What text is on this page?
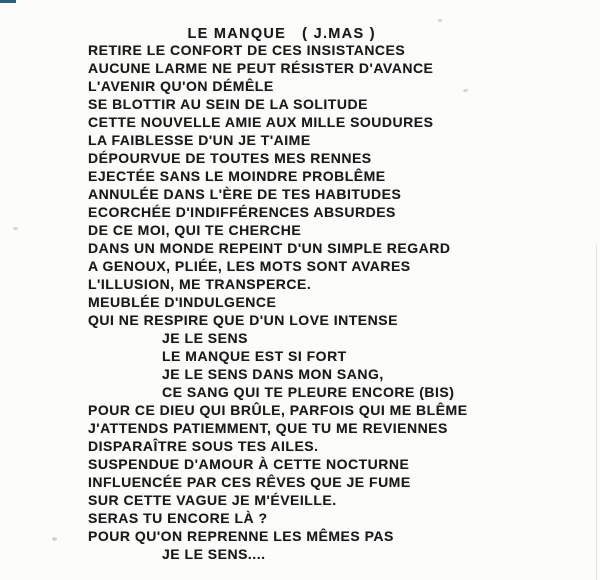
LE MANQUE   ( J.MAS )

RETIRE LE CONFORT DE CES INSISTANCES
AUCUNE LARME NE PEUT RÉSISTER D'AVANCE
L'AVENIR QU'ON DÉMÊLE
SE BLOTTIR AU SEIN DE LA SOLITUDE
CETTE NOUVELLE AMIE AUX MILLE SOUDURES
LA FAIBLESSE D'UN JE T'AIME
DÉPOURVUE DE TOUTES MES RENNES
EJECTÉE SANS LE MOINDRE PROBLÊME
ANNULÉE DANS L'ÈRE DE TES HABITUDES
ECORCHÉE D'INDIFFÉRENCES ABSURDES
DE CE MOI, QUI TE CHERCHE
DANS UN MONDE REPEINT D'UN SIMPLE REGARD
A GENOUX, PLIÉE, LES MOTS SONT AVARES
L'ILLUSION, ME TRANSPERCE.
MEUBLÉE D'INDULGENCE
QUI NE RESPIRE QUE D'UN LOVE INTENSE
JE LE SENS
LE MANQUE EST SI FORT
JE LE SENS DANS MON SANG,
CE SANG QUI TE PLEURE ENCORE (BIS)
POUR CE DIEU QUI BRÛLE, PARFOIS QUI ME BLÊME
J'ATTENDS PATIEMMENT, QUE TU ME REVIENNES
DISPARAÎTRE SOUS TES AILES.
SUSPENDUE D'AMOUR À CETTE NOCTURNE
INFLUENCÉE PAR CES RÊVES QUE JE FUME
SUR CETTE VAGUE JE M'ÉVEILLE.
SERAS TU ENCORE LÀ ?
POUR QU'ON REPRENNE LES MÊMES PAS
JE LE SENS....
